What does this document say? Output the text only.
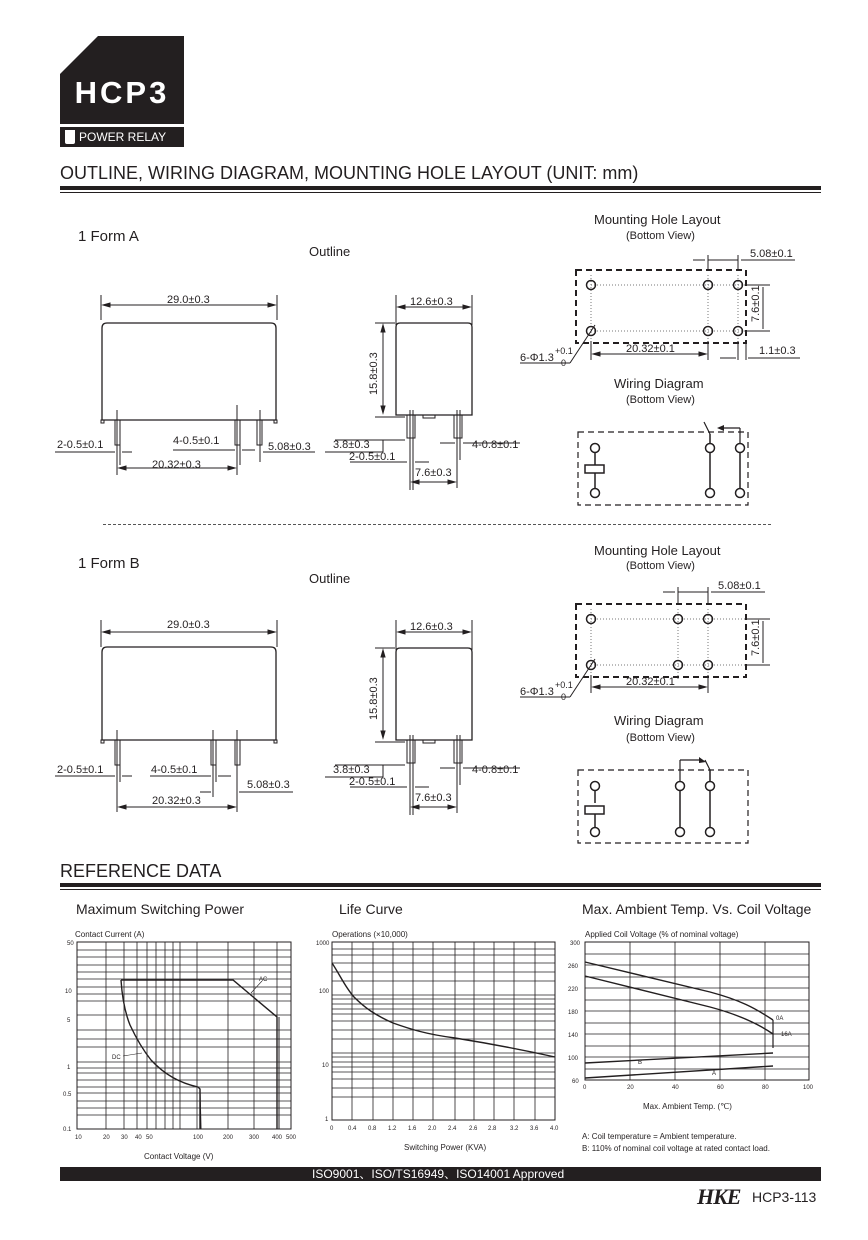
HCP3
POWER RELAY
OUTLINE, WIRING DIAGRAM, MOUNTING HOLE LAYOUT (UNIT: mm)
1 Form A
Outline
Mounting Hole Layout
(Bottom View)
Wiring Diagram
(Bottom View)
29.0±0.3
2-0.5±0.1	4-0.5±0.1	5.08±0.3
20.32±0.3
12.6±0.3
15.8±0.3
3.8±0.3
2-0.5±0.1
4-0.8±0.1
7.6±0.3
5.08±0.1
7.6±0.1
20.32±0.1	1.1±0.3
6-Φ1.3
+0.1
0
1 Form B
Outline
Mounting Hole Layout
(Bottom View)
Wiring Diagram
(Bottom View)
29.0±0.3
2-0.5±0.1	4-0.5±0.1
5.08±0.3
20.32±0.3
12.6±0.3
15.8±0.3
3.8±0.3
2-0.5±0.1
4-0.8±0.1
7.6±0.3
5.08±0.1
7.6±0.1
20.32±0.1
6-Φ1.3
+0.1
0
REFERENCE DATA
Maximum Switching Power	Life Curve	Max. Ambient Temp. Vs. Coil Voltage
Contact Current (A)
50
10
5
1
0.5
0.1
10	20 30 40 50	100	200	300 400 500
DC
AC
Contact Voltage (V)
Operations (×10,000)
1000
100
10
1
0 0.4 0.8 1.2 1.6 2.0 2.4 2.6 2.8 3.2 3.6 4.0
Switching Power (KVA)
Applied Coil Voltage (% of nominal voltage)
300
260
220
180
140
100
60
0	20	40	60	80	100
0A
16A
B
A
Max. Ambient Temp. (℃)
A: Coil temperature = Ambient temperature.
B: 110% of nominal coil voltage at rated contact load.
ISO9001、ISO/TS16949、ISO14001 Approved
HKE HCP3-113
